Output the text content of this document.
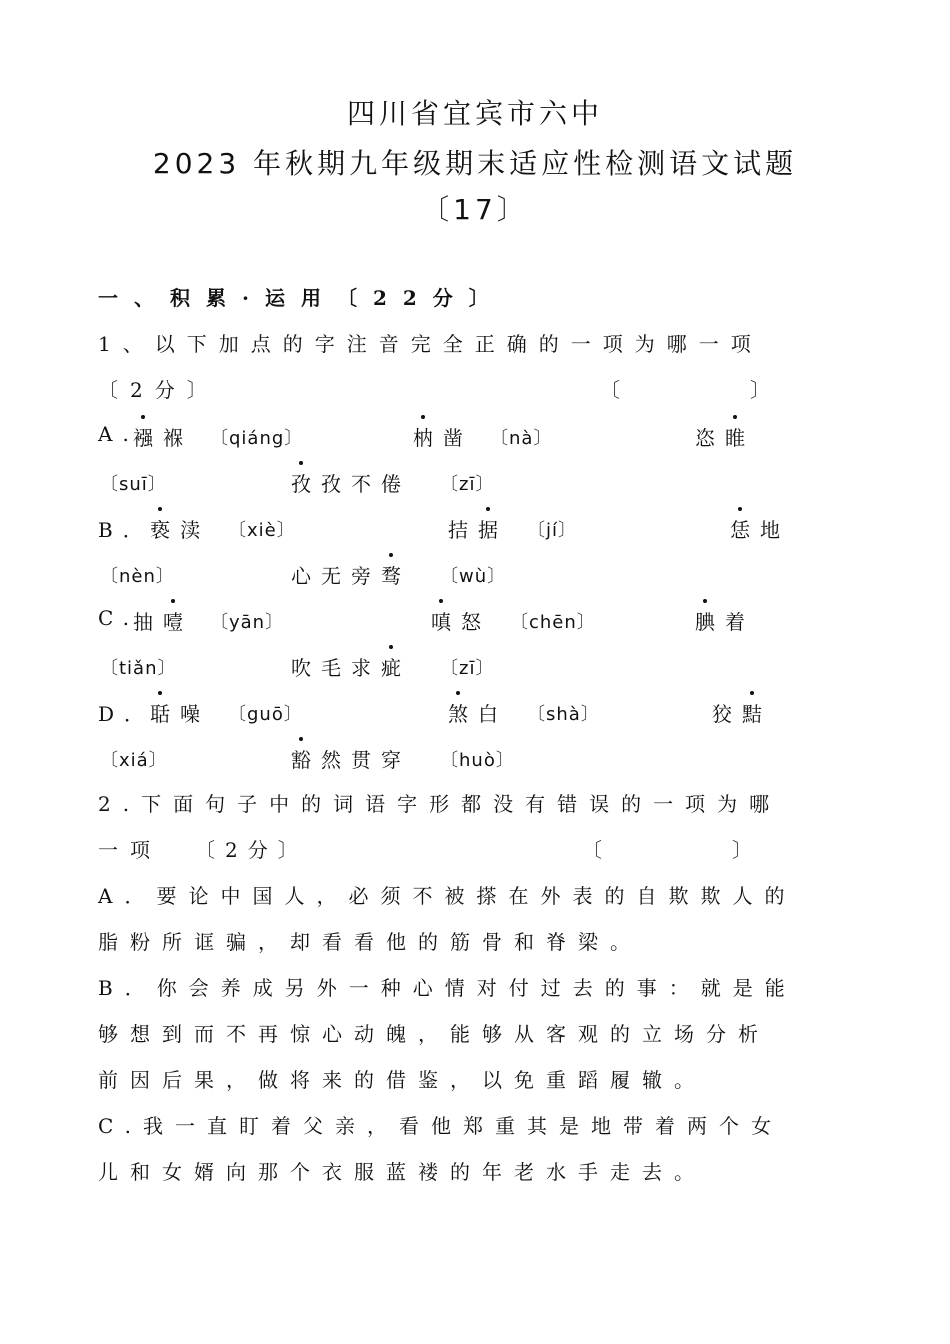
四川省宜宾市六中
2023 年秋期九年级期末适应性检测语文试题
〔17〕
一、积累·运用〔22分〕
1、以下加点的字注音完全正确的一项为哪一项
〔2分〕	〔　　　　〕
A.
襁褓 〔qiáng〕	枘凿 〔nà〕	恣睢
〔suī〕	孜孜不倦 〔zī〕
B．
亵渎 〔xiè〕	拮据 〔jí〕	恁地
〔nèn〕	心无旁骛 〔wù〕
C.
抽噎 〔yān〕	嗔怒 〔chēn〕	腆着
〔tiǎn〕	吹毛求疵 〔zī〕
D．
聒噪 〔guō〕	煞白 〔shà〕	狡黠
〔xiá〕	豁然贯穿 〔huò〕
2.下面句子中的词语字形都没有错误的一项为哪
一项 〔2分〕	〔　　　　〕
A．要论中国人，必须不被搽在外表的自欺欺人的
脂粉所诓骗，却看看他的筋骨和脊梁。
B．你会养成另外一种心情对付过去的事：就是能
够想到而不再惊心动魄，能够从客观的立场分析
前因后果，做将来的借鉴，以免重蹈履辙。
C.我一直盯着父亲，看他郑重其是地带着两个女
儿和女婿向那个衣服蓝褛的年老水手走去。
